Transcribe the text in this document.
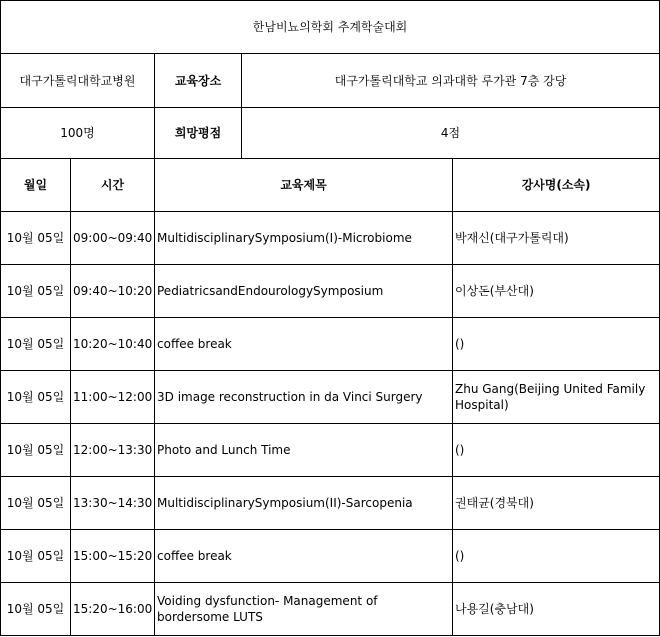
한남비뇨의학회 추계학술대회				
대구가톨릭대학교병원		교육장소	대구가톨릭대학교 의과대학 루가관 7층 강당	
100명		희망평점	4점	
월일	시간	교육제목		강사명(소속)
10월 05일	09:00~09:40	MultidisciplinarySymposium(I)-Microbiome		박재신(대구가톨릭대)
10월 05일	09:40~10:20	PediatricsandEndourologySymposium		이상돈(부산대)
10월 05일	10:20~10:40	coffee break		()
10월 05일	11:00~12:00	3D image reconstruction in da Vinci Surgery		Zhu Gang(Beijing United Family Hospital)
10월 05일	12:00~13:30	Photo and Lunch Time		()
10월 05일	13:30~14:30	MultidisciplinarySymposium(II)-Sarcopenia		권태균(경북대)
10월 05일	15:00~15:20	coffee break		()
10월 05일	15:20~16:00	Voiding dysfunction- Management of bordersome LUTS		나용길(충남대)
